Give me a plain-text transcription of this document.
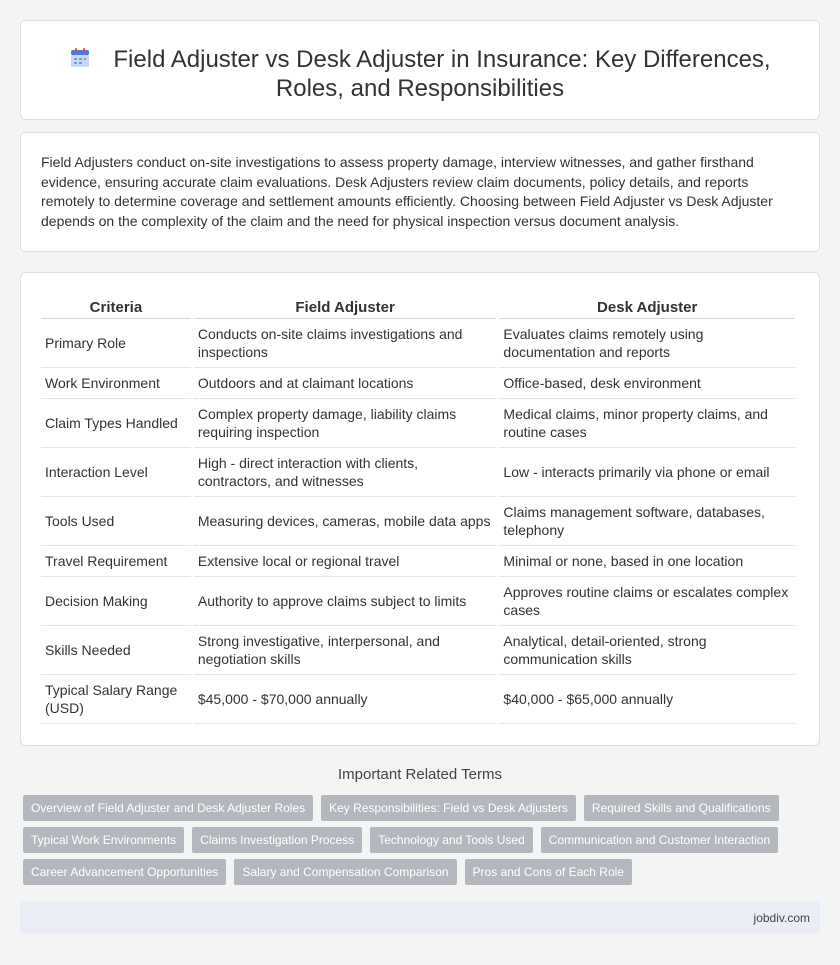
Field Adjuster vs Desk Adjuster in Insurance: Key Differences, Roles, and Responsibilities

Field Adjusters conduct on-site investigations to assess property damage, interview witnesses, and gather firsthand evidence, ensuring accurate claim evaluations. Desk Adjusters review claim documents, policy details, and reports remotely to determine coverage and settlement amounts efficiently. Choosing between Field Adjuster vs Desk Adjuster depends on the complexity of the claim and the need for physical inspection versus document analysis.

Criteria	Field Adjuster	Desk Adjuster
Primary Role	Conducts on-site claims investigations and inspections	Evaluates claims remotely using documentation and reports
Work Environment	Outdoors and at claimant locations	Office-based, desk environment
Claim Types Handled	Complex property damage, liability claims requiring inspection	Medical claims, minor property claims, and routine cases
Interaction Level	High - direct interaction with clients, contractors, and witnesses	Low - interacts primarily via phone or email
Tools Used	Measuring devices, cameras, mobile data apps	Claims management software, databases, telephony
Travel Requirement	Extensive local or regional travel	Minimal or none, based in one location
Decision Making	Authority to approve claims subject to limits	Approves routine claims or escalates complex cases
Skills Needed	Strong investigative, interpersonal, and negotiation skills	Analytical, detail-oriented, strong communication skills
Typical Salary Range (USD)	$45,000 - $70,000 annually	$40,000 - $65,000 annually
Important Related Terms
Overview of Field Adjuster and Desk Adjuster Roles	Key Responsibilities: Field vs Desk Adjusters	Required Skills and Qualifications
Typical Work Environments	Claims Investigation Process	Technology and Tools Used	Communication and Customer Interaction
Career Advancement Opportunities	Salary and Compensation Comparison	Pros and Cons of Each Role
jobdiv.com
